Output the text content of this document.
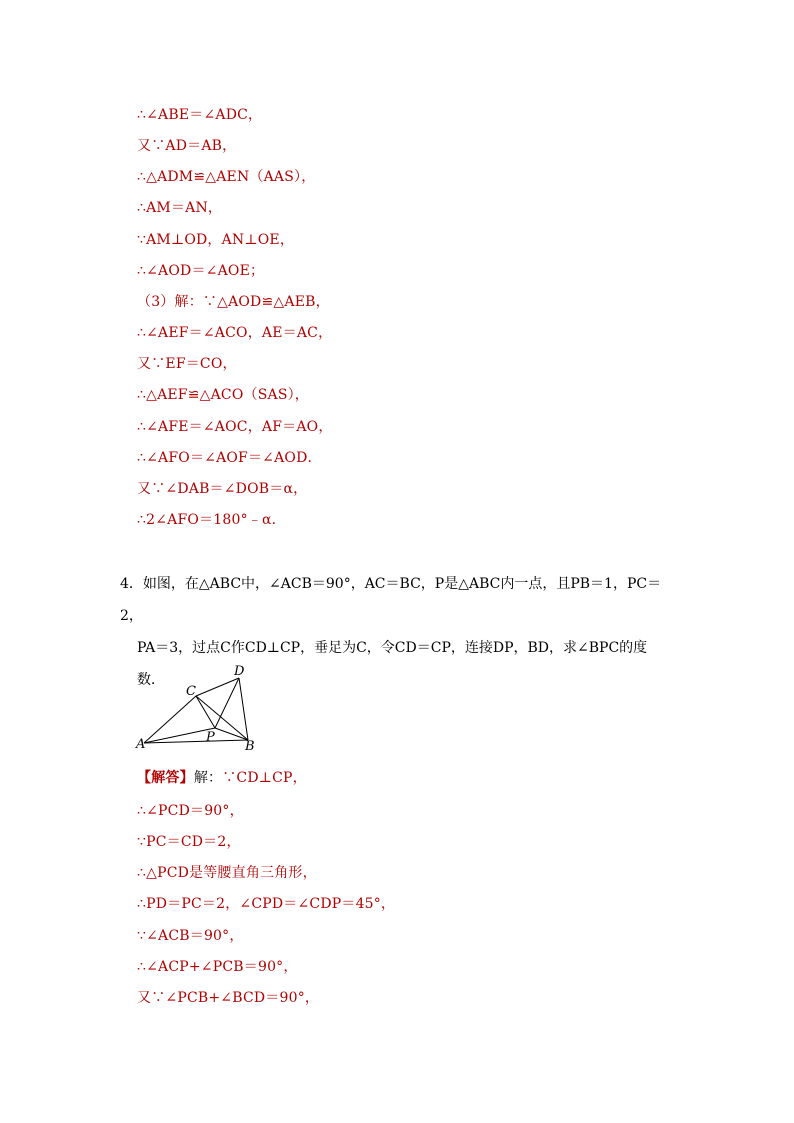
∴∠ABE＝∠ADC，
又∵AD＝AB，
∴△ADM≌△AEN（AAS），
∴AM＝AN，
∵AM⊥OD，AN⊥OE，
∴∠AOD＝∠AOE；
（3）解：∵△AOD≌△AEB，
∴∠AEF＝∠ACO，AE＝AC，
又∵EF＝CO，
∴△AEF≌△ACO（SAS），
∴∠AFE＝∠AOC，AF＝AO，
∴∠AFO＝∠AOF＝∠AOD．
又∵∠DAB＝∠DOB＝α，
∴2∠AFO＝180°﹣α．

4．如图，在△ABC中，∠ACB＝90°，AC＝BC，P是△ABC内一点，且PB＝1，PC＝2，

PA＝3，过点C作CD⊥CP，垂足为C，令CD＝CP，连接DP，BD，求∠BPC的度

数．

A	B
C
D
P
【解答】解：∵CD⊥CP，
∴∠PCD＝90°，
∵PC＝CD＝2，
∴△PCD是等腰直角三角形，
∴PD＝PC＝2，∠CPD＝∠CDP＝45°，
∵∠ACB＝90°，
∴∠ACP+∠PCB＝90°，
又∵∠PCB+∠BCD＝90°，
